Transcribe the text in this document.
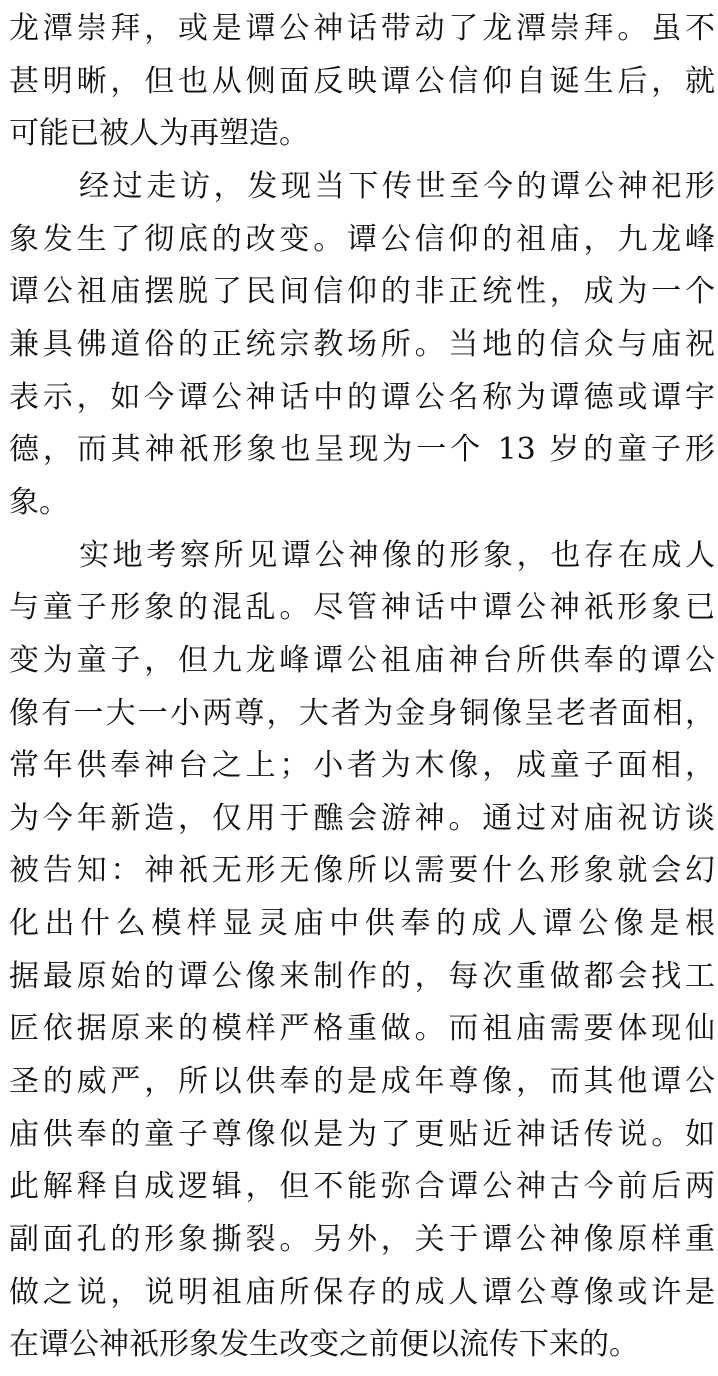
龙潭崇拜，或是谭公神话带动了龙潭崇拜。虽不
甚明晰，但也从侧面反映谭公信仰自诞生后，就
可能已被人为再塑造。
经过走访，发现当下传世至今的谭公神祀形
象发生了彻底的改变。谭公信仰的祖庙，九龙峰
谭公祖庙摆脱了民间信仰的非正统性，成为一个
兼具佛道俗的正统宗教场所。当地的信众与庙祝
表示，如今谭公神话中的谭公名称为谭德或谭宇
德，而其神祇形象也呈现为一个 13 岁的童子形
象。
实地考察所见谭公神像的形象，也存在成人
与童子形象的混乱。尽管神话中谭公神祇形象已
变为童子，但九龙峰谭公祖庙神台所供奉的谭公
像有一大一小两尊，大者为金身铜像呈老者面相，
常年供奉神台之上；小者为木像，成童子面相，
为今年新造，仅用于醮会游神。通过对庙祝访谈
被告知：神祇无形无像所以需要什么形象就会幻
化出什么模样显灵庙中供奉的成人谭公像是根
据最原始的谭公像来制作的，每次重做都会找工
匠依据原来的模样严格重做。而祖庙需要体现仙
圣的威严，所以供奉的是成年尊像，而其他谭公
庙供奉的童子尊像似是为了更贴近神话传说。如
此解释自成逻辑，但不能弥合谭公神古今前后两
副面孔的形象撕裂。另外，关于谭公神像原样重
做之说，说明祖庙所保存的成人谭公尊像或许是
在谭公神祇形象发生改变之前便以流传下来的。
